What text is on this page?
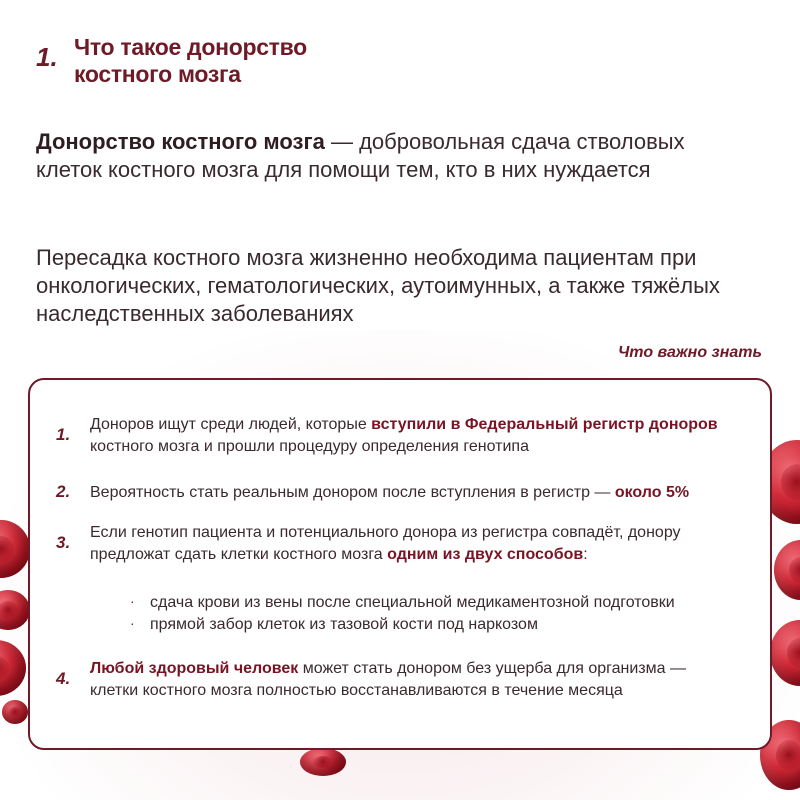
1. Что такое донорство костного мозга
Донорство костного мозга — добровольная сдача стволовых клеток костного мозга для помощи тем, кто в них нуждается
Пересадка костного мозга жизненно необходима пациентам при онкологических, гематологических, аутоимунных, а также тяжёлых наследственных заболеваниях
Что важно знать
1.
Доноров ищут среди людей, которые вступили в Федеральный регистр доноров костного мозга и прошли процедуру определения генотипа
2.	Вероятность стать реальным донором после вступления в регистр — около 5%
3.
Если генотип пациента и потенциального донора из регистра совпадёт, донору предложат сдать клетки костного мозга одним из двух способов:
· сдача крови из вены после специальной медикаментозной подготовки
· прямой забор клеток из тазовой кости под наркозом
4.
Любой здоровый человек может стать донором без ущерба для организма — клетки костного мозга полностью восстанавливаются в течение месяца
